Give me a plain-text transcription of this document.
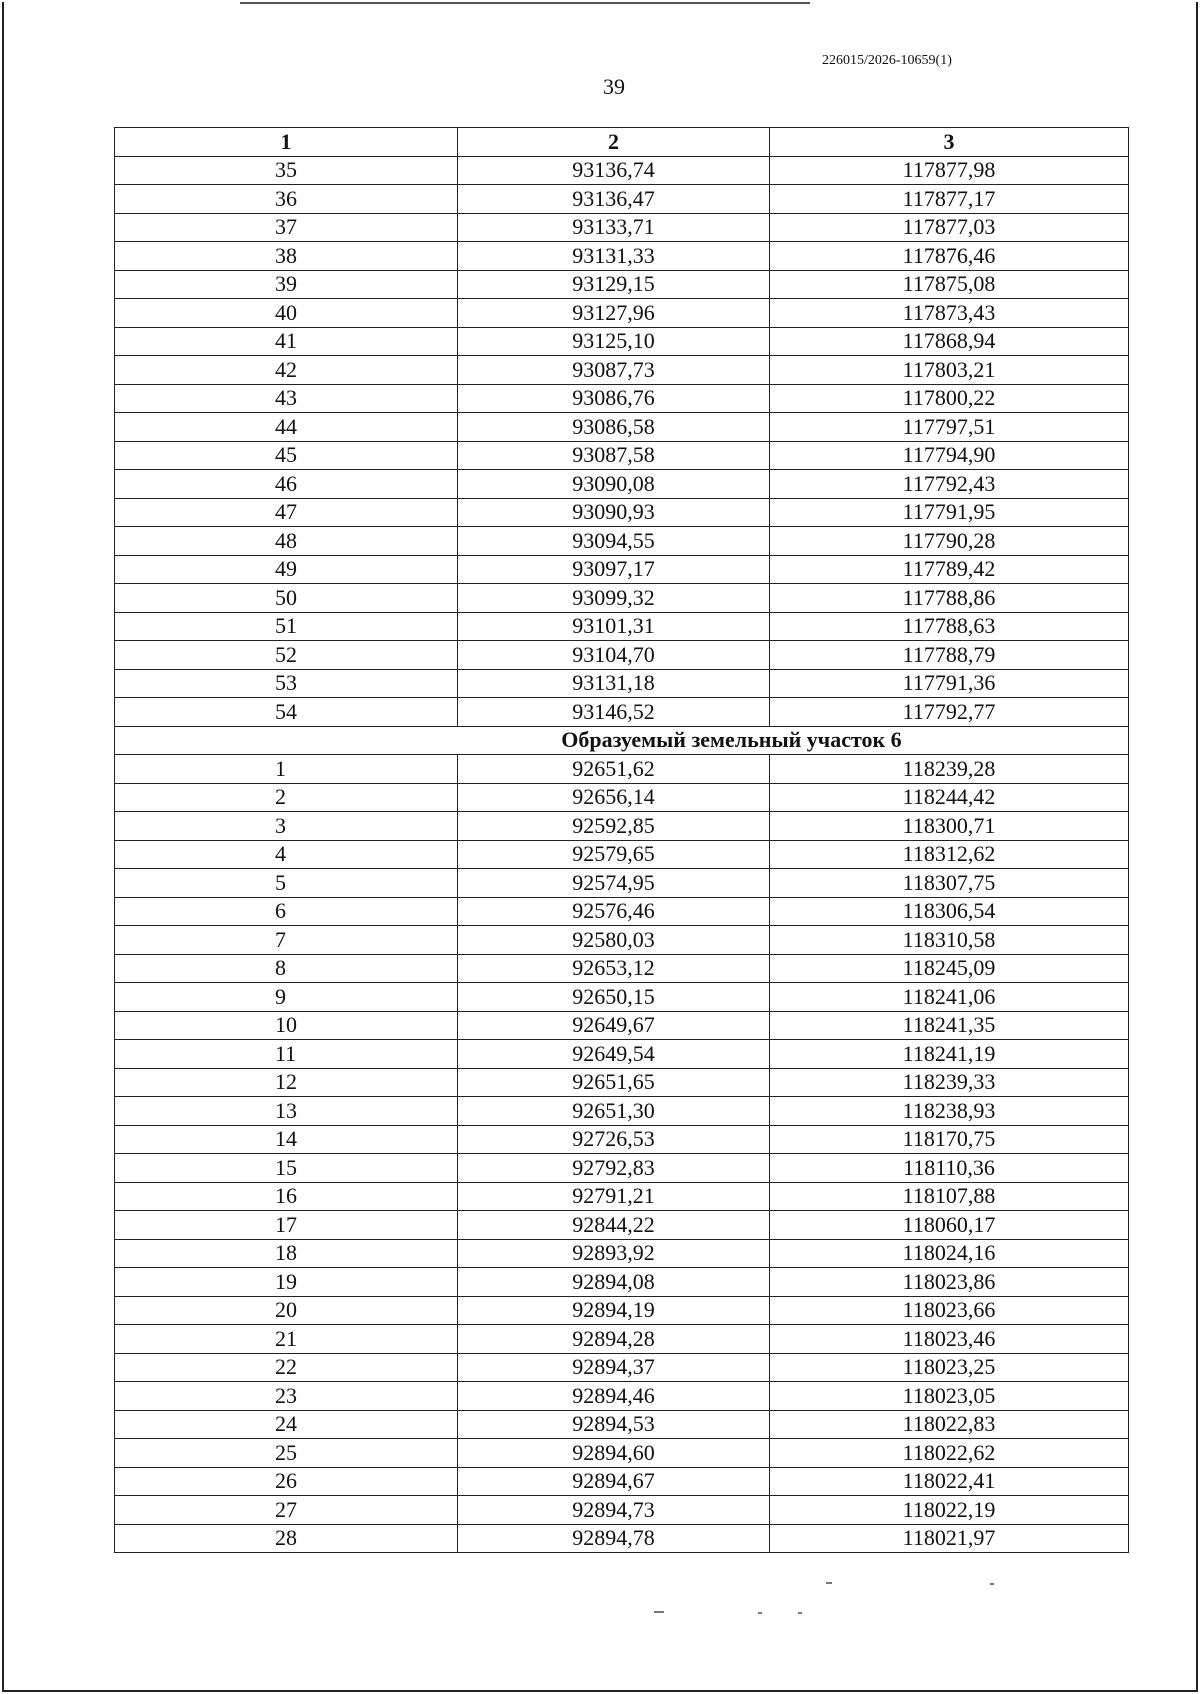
226015/2026-10659(1)
39
1	2	3
35	93136,74	117877,98
36	93136,47	117877,17
37	93133,71	117877,03
38	93131,33	117876,46
39	93129,15	117875,08
40	93127,96	117873,43
41	93125,10	117868,94
42	93087,73	117803,21
43	93086,76	117800,22
44	93086,58	117797,51
45	93087,58	117794,90
46	93090,08	117792,43
47	93090,93	117791,95
48	93094,55	117790,28
49	93097,17	117789,42
50	93099,32	117788,86
51	93101,31	117788,63
52	93104,70	117788,79
53	93131,18	117791,36
54	93146,52	117792,77
Образуемый земельный участок 6		
1	92651,62	118239,28
2	92656,14	118244,42
3	92592,85	118300,71
4	92579,65	118312,62
5	92574,95	118307,75
6	92576,46	118306,54
7	92580,03	118310,58
8	92653,12	118245,09
9	92650,15	118241,06
10	92649,67	118241,35
11	92649,54	118241,19
12	92651,65	118239,33
13	92651,30	118238,93
14	92726,53	118170,75
15	92792,83	118110,36
16	92791,21	118107,88
17	92844,22	118060,17
18	92893,92	118024,16
19	92894,08	118023,86
20	92894,19	118023,66
21	92894,28	118023,46
22	92894,37	118023,25
23	92894,46	118023,05
24	92894,53	118022,83
25	92894,60	118022,62
26	92894,67	118022,41
27	92894,73	118022,19
28	92894,78	118021,97
